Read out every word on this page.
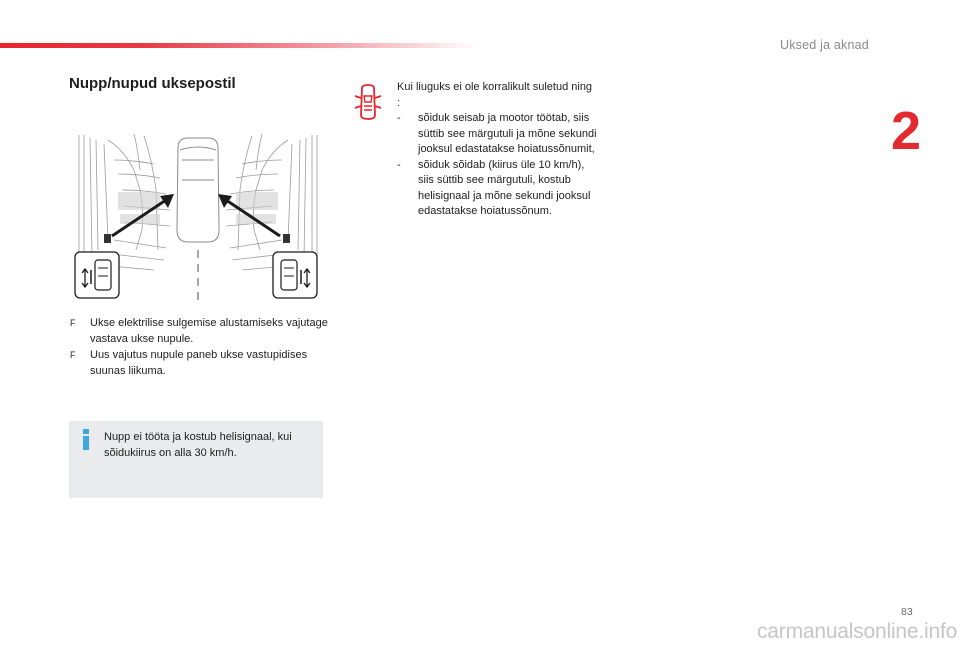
Uksed ja aknad
2
Nupp/nupud uksepostil
F Ukse elektrilise sulgemise alustamiseks vajutage vastava ukse nupule.
F Uus vajutus nupule paneb ukse vastupidises suunas liikuma.
Nupp ei tööta ja kostub helisignaal, kui sõidukiirus on alla 30 km/h.

Kui liuguks ei ole korralikult suletud ning :

- sõiduk seisab ja mootor töötab, siis süttib see märgutuli ja mõne sekundi jooksul edastatakse hoiatussõnumit,
- sõiduk sõidab (kiirus üle 10 km/h), siis süttib see märgutuli, kostub helisignaal ja mõne sekundi jooksul edastatakse hoiatussõnum.
83
carmanualsonline.info
